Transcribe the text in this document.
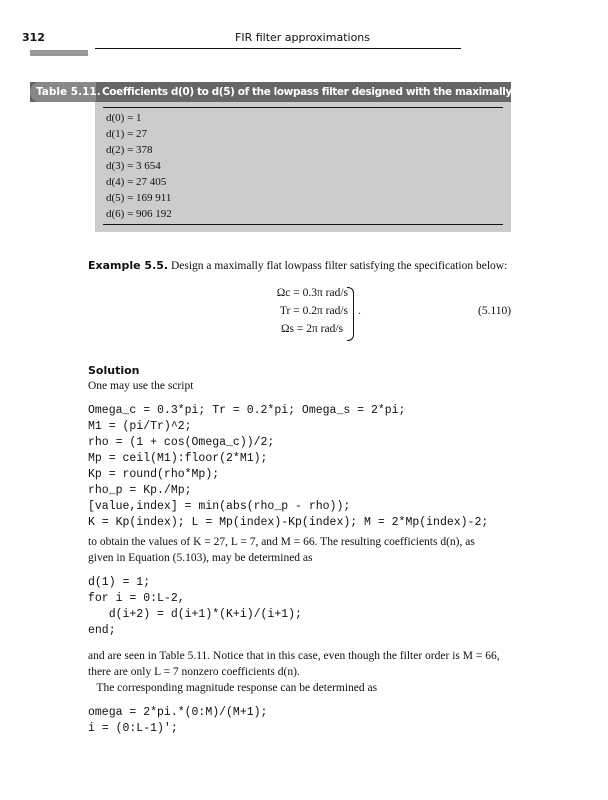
312	FIR filter approximations
Table 5.11. Coefficients d(0) to d(5) of the lowpass filter designed with the maximally flat method.

d(0) = 1
d(1) = 27
d(2) = 378
d(3) = 3 654
d(4) = 27 405
d(5) = 169 911
d(6) = 906 192

Example 5.5. Design a maximally flat lowpass filter satisfying the specification below:
Ωc = 0.3π rad/s
Tr = 0.2π rad/s
Ωs = 2π rad/s
.	(5.110)
Solution
One may use the script
Omega_c = 0.3*pi; Tr = 0.2*pi; Omega_s = 2*pi;
M1 = (pi/Tr)^2;
rho = (1 + cos(Omega_c))/2;
Mp = ceil(M1):floor(2*M1);
Kp = round(rho*Mp);
rho_p = Kp./Mp;
[value,index] = min(abs(rho_p - rho));
K = Kp(index); L = Mp(index)-Kp(index); M = 2*Mp(index)-2;
to obtain the values of K = 27, L = 7, and M = 66. The resulting coefficients d(n), as
given in Equation (5.103), may be determined as
d(1) = 1;
for i = 0:L-2,
d(i+2) = d(i+1)*(K+i)/(i+1);
end;
and are seen in Table 5.11. Notice that in this case, even though the filter order is M = 66,
there are only L = 7 nonzero coefficients d(n).
The corresponding magnitude response can be determined as
omega = 2*pi.*(0:M)/(M+1);
i = (0:L-1)';
